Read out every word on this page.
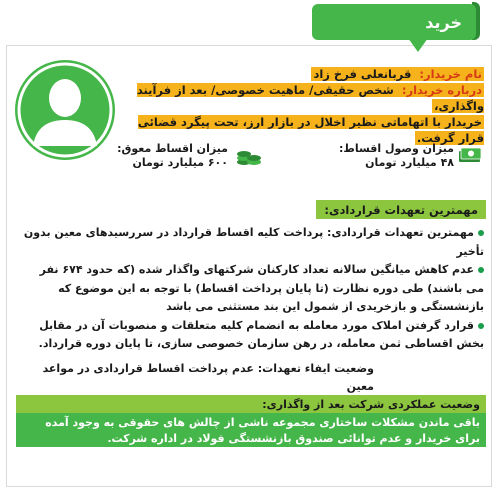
خرید
نام خریدار: قربانعلی فرخ زاد
درباره خریدار: شخص حقیقی/ ماهیت خصوصی/ بعد از فرآیند واگذاری،
خریدار با اتهاماتی نظیر اخلال در بازار ارز، تحت پیگرد قضائی قرار گرفت.
میزان وصول اقساط:
۴۸ میلیارد تومان
میزان اقساط معوق:
۶۰۰ میلیارد تومان
مهمترین تعهدات قراردادی:
مهمترین تعهدات قراردادی: پرداخت کلیه اقساط قرارداد در سررسیدهای معین بدون تأخیر
عدم کاهش میانگین سالانه تعداد کارکنان شرکتهای واگذار شده (که حدود ۶۷۴ نفر می باشند) طی دوره نظارت (تا پایان پرداخت اقساط) با توجه به این موضوع که بازنشستگی و بازخریدی از شمول این بند مستثنی می باشد
قرارد گرفتن املاک مورد معامله به انضمام کلیه متعلقات و منصوبات آن در مقابل بخش اقساطی ثمن معامله، در رهن سازمان خصوصی سازی، تا پایان دوره قرارداد.
وضعیت ایفاء تعهدات: عدم پرداخت اقساط قراردادی در مواعد معین
وضعیت عملکردی شرکت بعد از واگذاری:
باقی ماندن مشکلات ساختاری مجموعه ناشی از چالش های حقوقی به وجود آمده برای خریدار و عدم توانائی صندوق بازنشستگی فولاد در اداره شرکت.
